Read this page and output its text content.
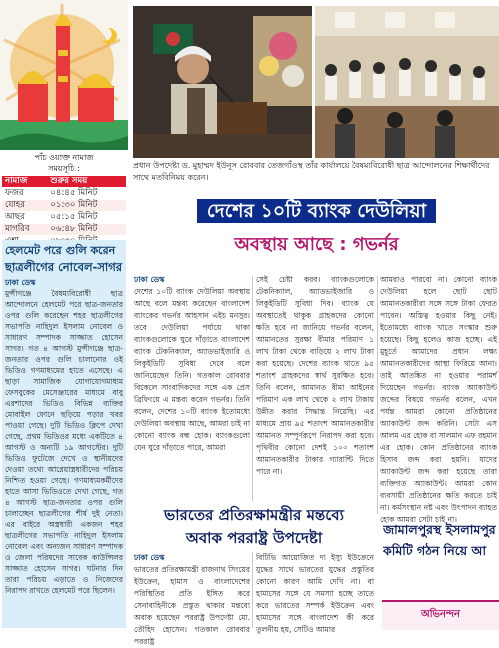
পাঁচ ওয়াক্ত নামাজ
সময়সূচি :
নামাজ	শুরুর সময়
ফজর	০৪:৪৫ মিনিট
যোহর	০১:৩০ মিনিট
আছর	০৫:১৫ মিনিট
মাগরিব	০৬:৪৮ মিনিট

হেলমেট পরে গুলি করেন
ছাত্রলীগের নোবেল-সাগর
ঢাকা ডেস্ক
মুন্সীগঞ্জে বৈষম্যবিরোধী ছাত্র আন্দোলনে হেলমেট পরে ছাত্র-জনতার ওপর গুলি করেছেন শহর ছাত্রলীগের সভাপতি নাহিদুল ইসলাম নোবেল ও সাধারণ সম্পাদক সাজ্জাত হোসেন সাগর। গত ৪ আগস্ট মুন্সীগঞ্জে ছাত্র-জনতার ওপর গুলি চালানোর ওই ভিডিও গণমাধ্যমের হাতে এসেছে। এ ছাড়া সামাজিক যোগাযোগমাধ্যম ফেসবুকের মেসেঞ্জারের মাধ্যমে বাবু এরশাদের ভিডিও বিভিন্ন ব্যক্তির মোবাইল ফোনে ছড়িয়ে পড়ার খবর পাওয়া গেছে। দুটি ভিডিও ক্লিপে দেখা গেছে, প্রথম ভিডিওর মধ্যে একটিতে ৪ আগস্ট ও অন্যটি ১৯ আগস্টের। দুটি ভিডিও ফুটেজে দেখে ও স্থানীয়দের দেওয়া তথ্যে আগ্নেয়াস্ত্রধারীদের পরিচয় নিশ্চিত হওয়া গেছে। গণমাধ্যমকর্মীদের হাতে আসা ভিডিওতে দেখা গেছে, গত ৪ আগস্ট ছাত্র-জনতার ওপর গুলি চালাচ্ছেন ছাত্রলীগের শীর্ষ দুই নেতা। এর বাইরে অস্ত্রধারী একজন শহর ছাত্রলীগের সভাপতি নাহিদুল ইসলাম নোবেল এবং অন্যজন সাধারণ সম্পাদক ও জেলা পরিষদের সাবেক কাউন্সিলর সাজ্জাত হোসেন সাগর। ঘটনার দিন তারা পরিচয় এড়াতে ও নিজেদের নিরাপদ রাখতে হেলমেট পরে ছিলেন।
প্রধান উপদেষ্টা ড. মুহাম্মদ ইউনূস রোববার তেজগাঁওস্থ তাঁর কার্যালয়ে বৈষম্যবিরোধী ছাত্র আন্দোলনের শিক্ষার্থীদের সাথে মতবিনিময় করেন।
দেশের ১০টি ব্যাংক দেউলিয়া
অবস্থায় আছে : গভর্নর
ঢাকা ডেস্ক
দেশের ১০টি ব্যাংক দেউলিয়া অবস্থায় আছে বলে মন্তব্য করেছেন বাংলাদেশ ব্যাংকের গভর্নর আহসান এইচ মনসুর। তবে দেউলিয়া পর্যায়ে থাকা ব্যাংকগুলোকে ঘুরে দাঁড়াতে বাংলাদেশ ব্যাংক টেকনিক্যাল, অ্যাডভাইজারি ও লিকুইডিটি সুবিধা দেবে বলে জানিয়েছেন তিনি। গতকাল রোববার বিকেলে সাংবাদিকদের সঙ্গে এক প্রেস ব্রিফিংয়ে এ মন্তব্য করেন গভর্নর। তিনি বলেন, দেশের ১০টি ব্যাংক ইতোমধ্যে দেউলিয়া অবস্থায় আছে, আমরা চাই না কোনো ব্যাংক বন্ধ হোক। ব্যাংকগুলো যেন ঘুরে দাঁড়াতে পারে, আমরা
সেই চেষ্টা করব। ব্যাংকগুলোকে টেকনিক্যাল, অ্যাডভাইজারি ও লিকুইডিটি সুবিধা দিব। ব্যাংক যে অবস্থাতেই থাকুক গ্রাহকদের কোনো ক্ষতি হবে না জানিয়ে গভর্নর বলেন, আমানতের সুরক্ষা বীমার পরিমাণ ১ লাখ টাকা থেকে বাড়িয়ে ২ লাখ টাকা করা হয়েছে। দেশের ব্যাংক খাতে ৯৫ শতাংশ গ্রাহকদের স্বার্থ সুরক্ষিত হবে। তিনি বলেন, আমানত বীমা আইনের পরিমাণ এক লাখ থেকে ২ লাখ টাকায় উন্নীত করার সিদ্ধান্ত নিয়েছি। এর মাধ্যমে প্রায় ৯৫ শতাংশ আমানতকারীর আমানত সম্পূর্ণরূপে নিরাপদ করা হবে। পৃথিবীর কোনো দেশই ১০০ শতাংশ আমানতকারীর টাকার গ্যারান্টি দিতে পারে না।
আমরাও পারবো না। কোনো ব্যাংক দেউলিয়া হলে ছোট ছোট আমানতকারীরা সঙ্গে সঙ্গে টাকা ফেরত পাবেন। অস্তিত্ব হওয়ার কিছু নেই। ইতোমধ্যে ব্যাংক খাতে সংস্কার শুরু হয়েছে। কিছু হলেও কাজ হচ্ছে। এই মুহূর্তে আমাদের প্রধান লক্ষ্য আমানতকারীদের আস্থা ফিরিয়ে আনা। তাই আতঙ্কিত না হওয়ার পরামর্শ দিয়েছেন গভর্নর। ব্যাংক অ্যাকাউন্ট জব্দের বিষয়ে গভর্নর বলেন, এখন পর্যন্ত আমরা কোনো প্রতিষ্ঠানের অ্যাকাউন্ট জব্দ করিনি। সেটা এস আলম এর হোক বা সালমান এফ রহমান এর হোক। কোন প্রতিষ্ঠানের ব্যাংক হিসাব জব্দ করা হয়নি। যাদের অ্যাকাউন্ট জব্দ করা হয়েছে তারা ব্যক্তিগত অ্যাকাউন্ট। আমরা কোন ব্যবসায়ী প্রতিষ্ঠানের ক্ষতি করতে চাই না। কর্মসংস্থান নষ্ট এবং উৎপাদন ব্যাহত হোক আমরা সেটা চাই না।
ভারতের প্রতিরক্ষামন্ত্রীর মন্তব্যে
অবাক পররাষ্ট্র উপদেষ্টা
ঢাকা ডেস্ক
ভারতের প্রতিরক্ষামন্ত্রী রাজনাথ সিংয়ের ইউক্রেন, হামাস ও বাংলাদেশের পরিস্থিতির প্রতি ইঙ্গিত করে সেনাবাহিনীকে প্রস্তুত থাকার মন্তব্যে অবাক হয়েছেন পররাষ্ট্র উপদেষ্টা মো. তৌহিদ হোসেন। গতকাল রোববার পররাষ্ট্র
বিটিভি আয়োজিত দ্য ইস্যু ইউক্রেনে যুদ্ধের সাথে ভারতের যুদ্ধের প্রস্তুতির কোনো কারণ আমি দেখি না। বা হামাসের সঙ্গে যে সমস্যা হচ্ছে তাতে করে ভারতের সম্পর্ক ইউক্রেন এবং হামাসের সঙ্গে বাংলাদেশ কী করে তুলনীয় হয়, সেটিও আমার
জামালপুরস্থ ইসলামপুর
কমিটি গঠন নিয়ে আ
অভিনন্দন
